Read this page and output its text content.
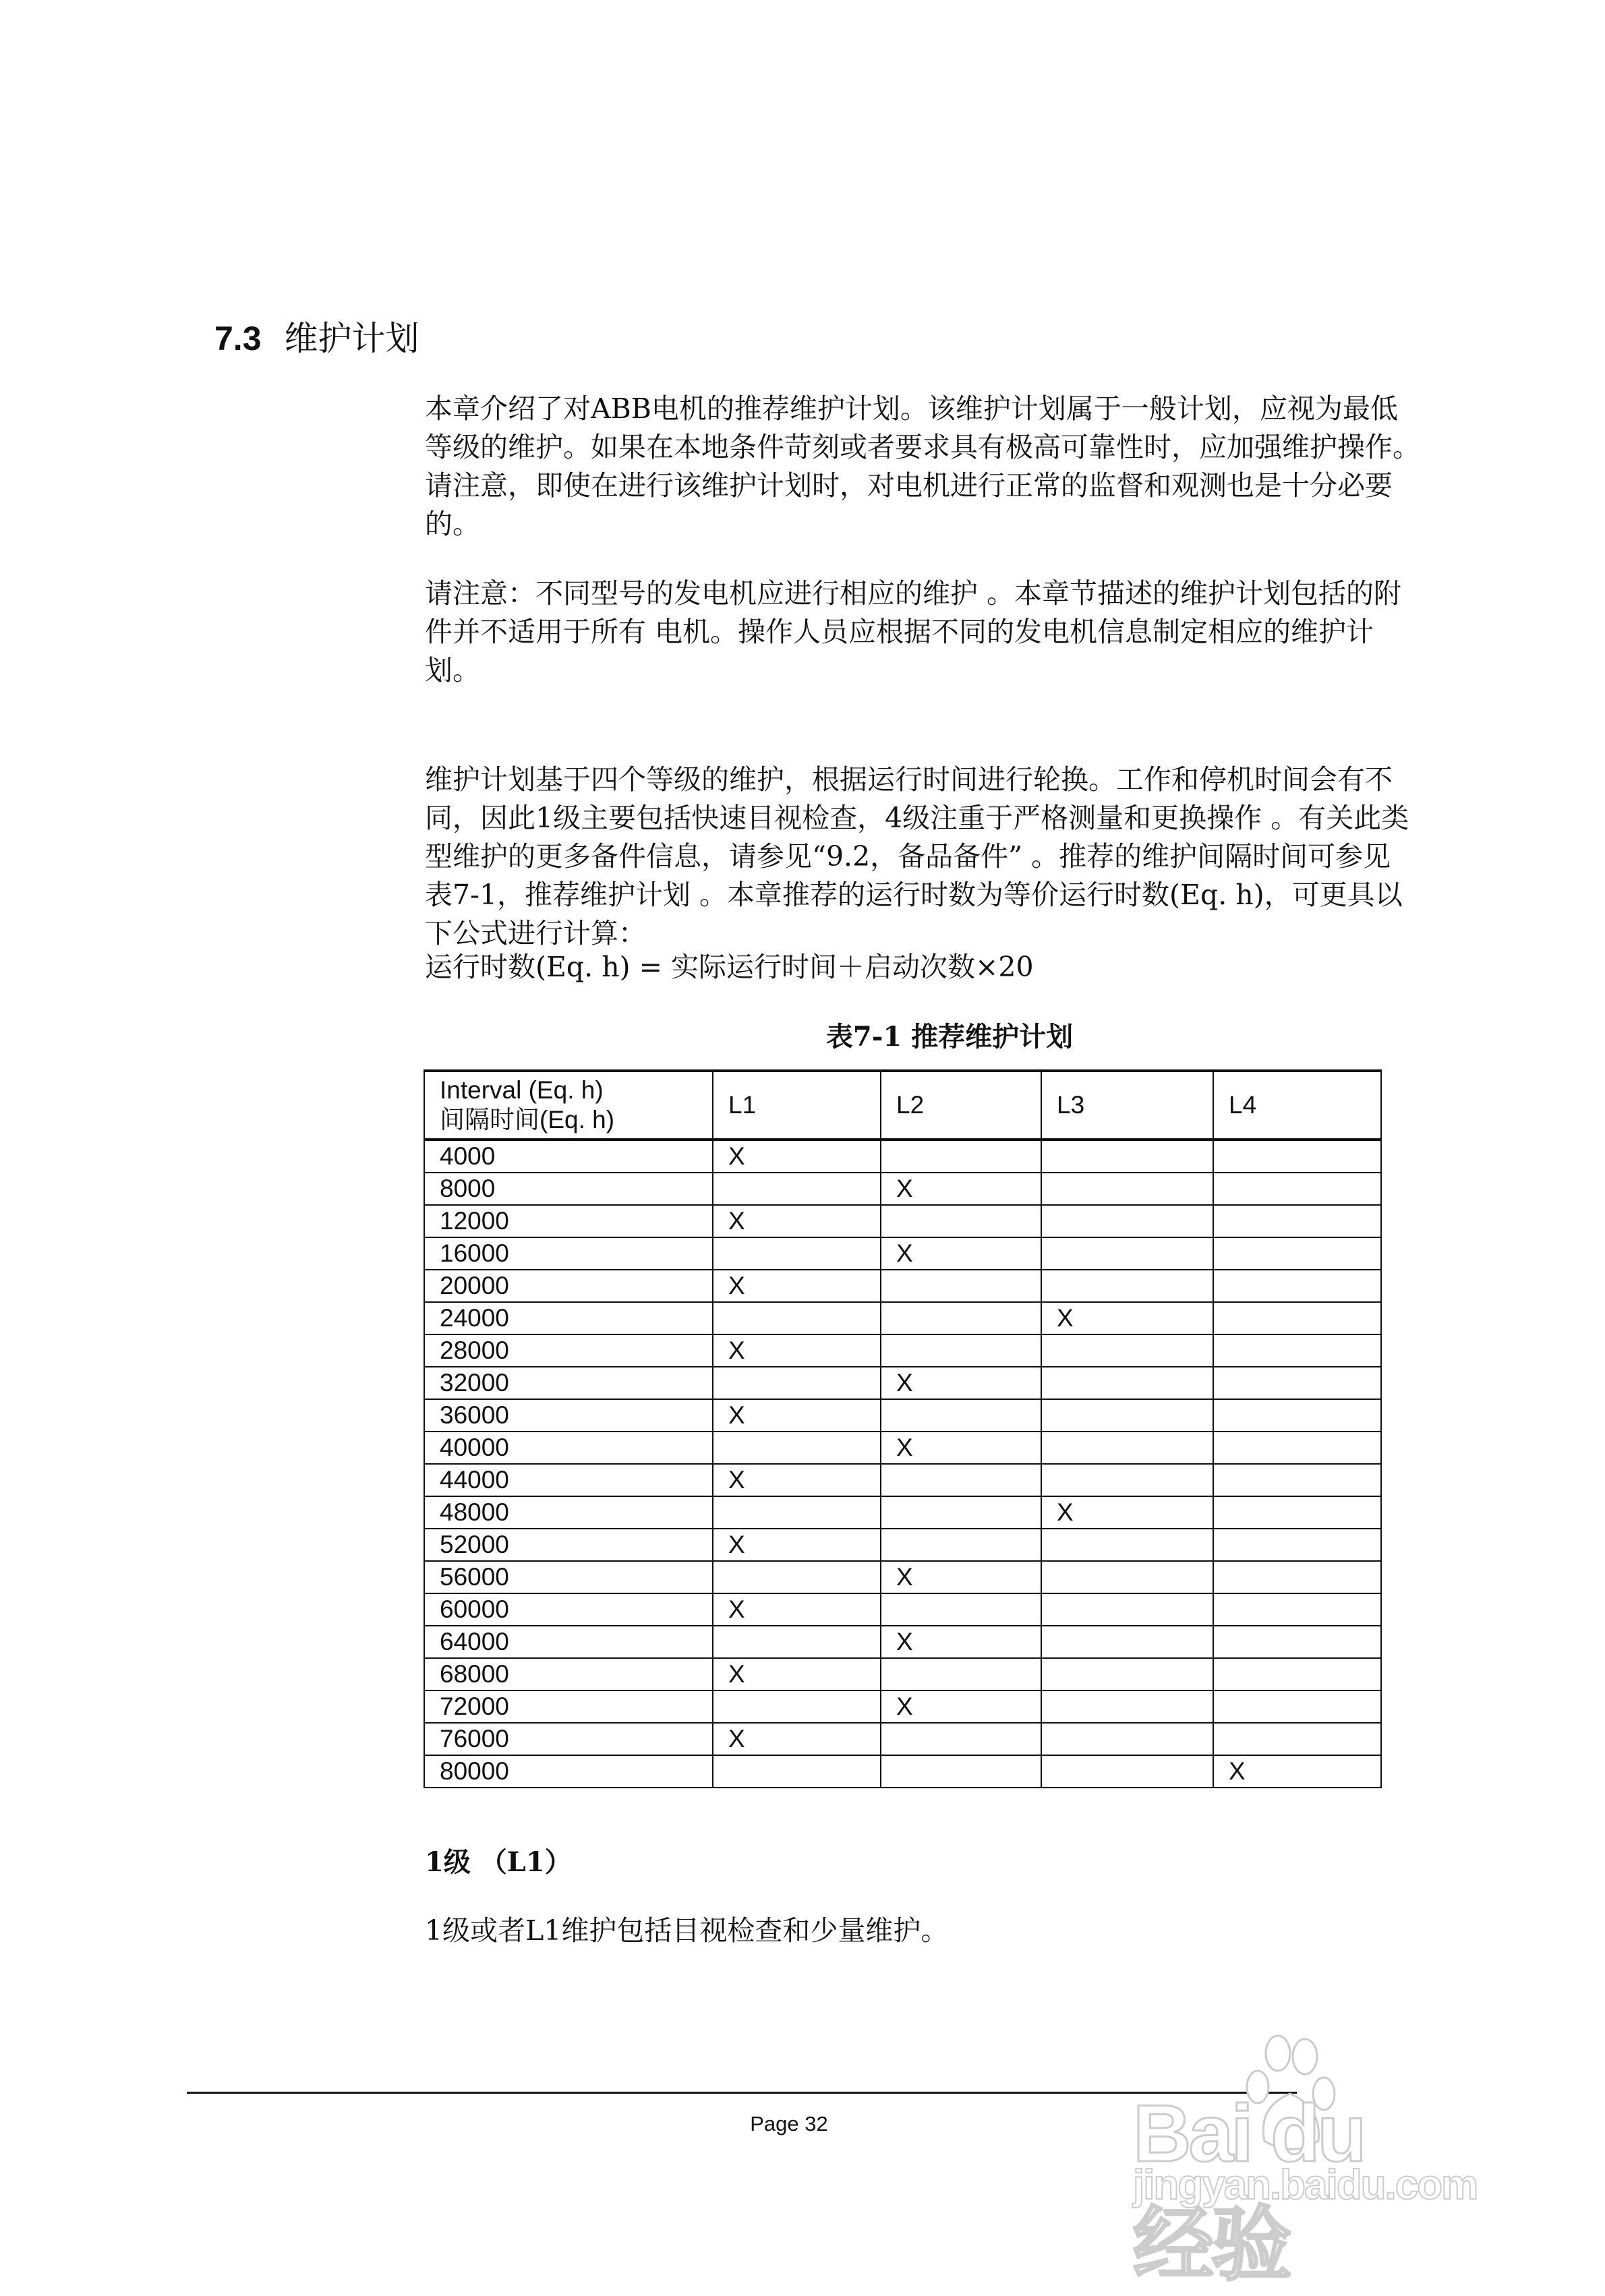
7.3 维护计划

本章介绍了对ABB电机的推荐维护计划。该维护计划属于一般计划，应视为最低等级的维护。如果在本地条件苛刻或者要求具有极高可靠性时，应加强维护操作。请注意，即使在进行该维护计划时，对电机进行正常的监督和观测也是十分必要的。

请注意：不同型号的发电机应进行相应的维护 。本章节描述的维护计划包括的附件并不适用于所有 电机。操作人员应根据不同的发电机信息制定相应的维护计划。

维护计划基于四个等级的维护，根据运行时间进行轮换。工作和停机时间会有不同，因此1级主要包括快速目视检查，4级注重于严格测量和更换操作 。有关此类型维护的更多备件信息，请参见“9.2，备品备件” 。推荐的维护间隔时间可参见 表7-1，推荐维护计划 。本章推荐的运行时数为等价运行时数(Eq. h)，可更具以下公式进行计算：

运行时数(Eq. h) = 实际运行时间＋启动次数×20

表7-1 推荐维护计划
Interval (Eq. h)
间隔时间(Eq. h)	L1	L2	L3	L4
4000	X			
8000		X		
12000	X			
16000		X		
20000	X			
24000			X	
28000	X			
32000		X		
36000	X			
40000		X		
44000	X			
48000			X	
52000	X			
56000		X		
60000	X			
64000		X		
68000	X			
72000		X		
76000	X			
80000				X
1级 （L1）
1级或者L1维护包括目视检查和少量维护。
Page 32	Bai du 经验
jingyan.baidu.com
